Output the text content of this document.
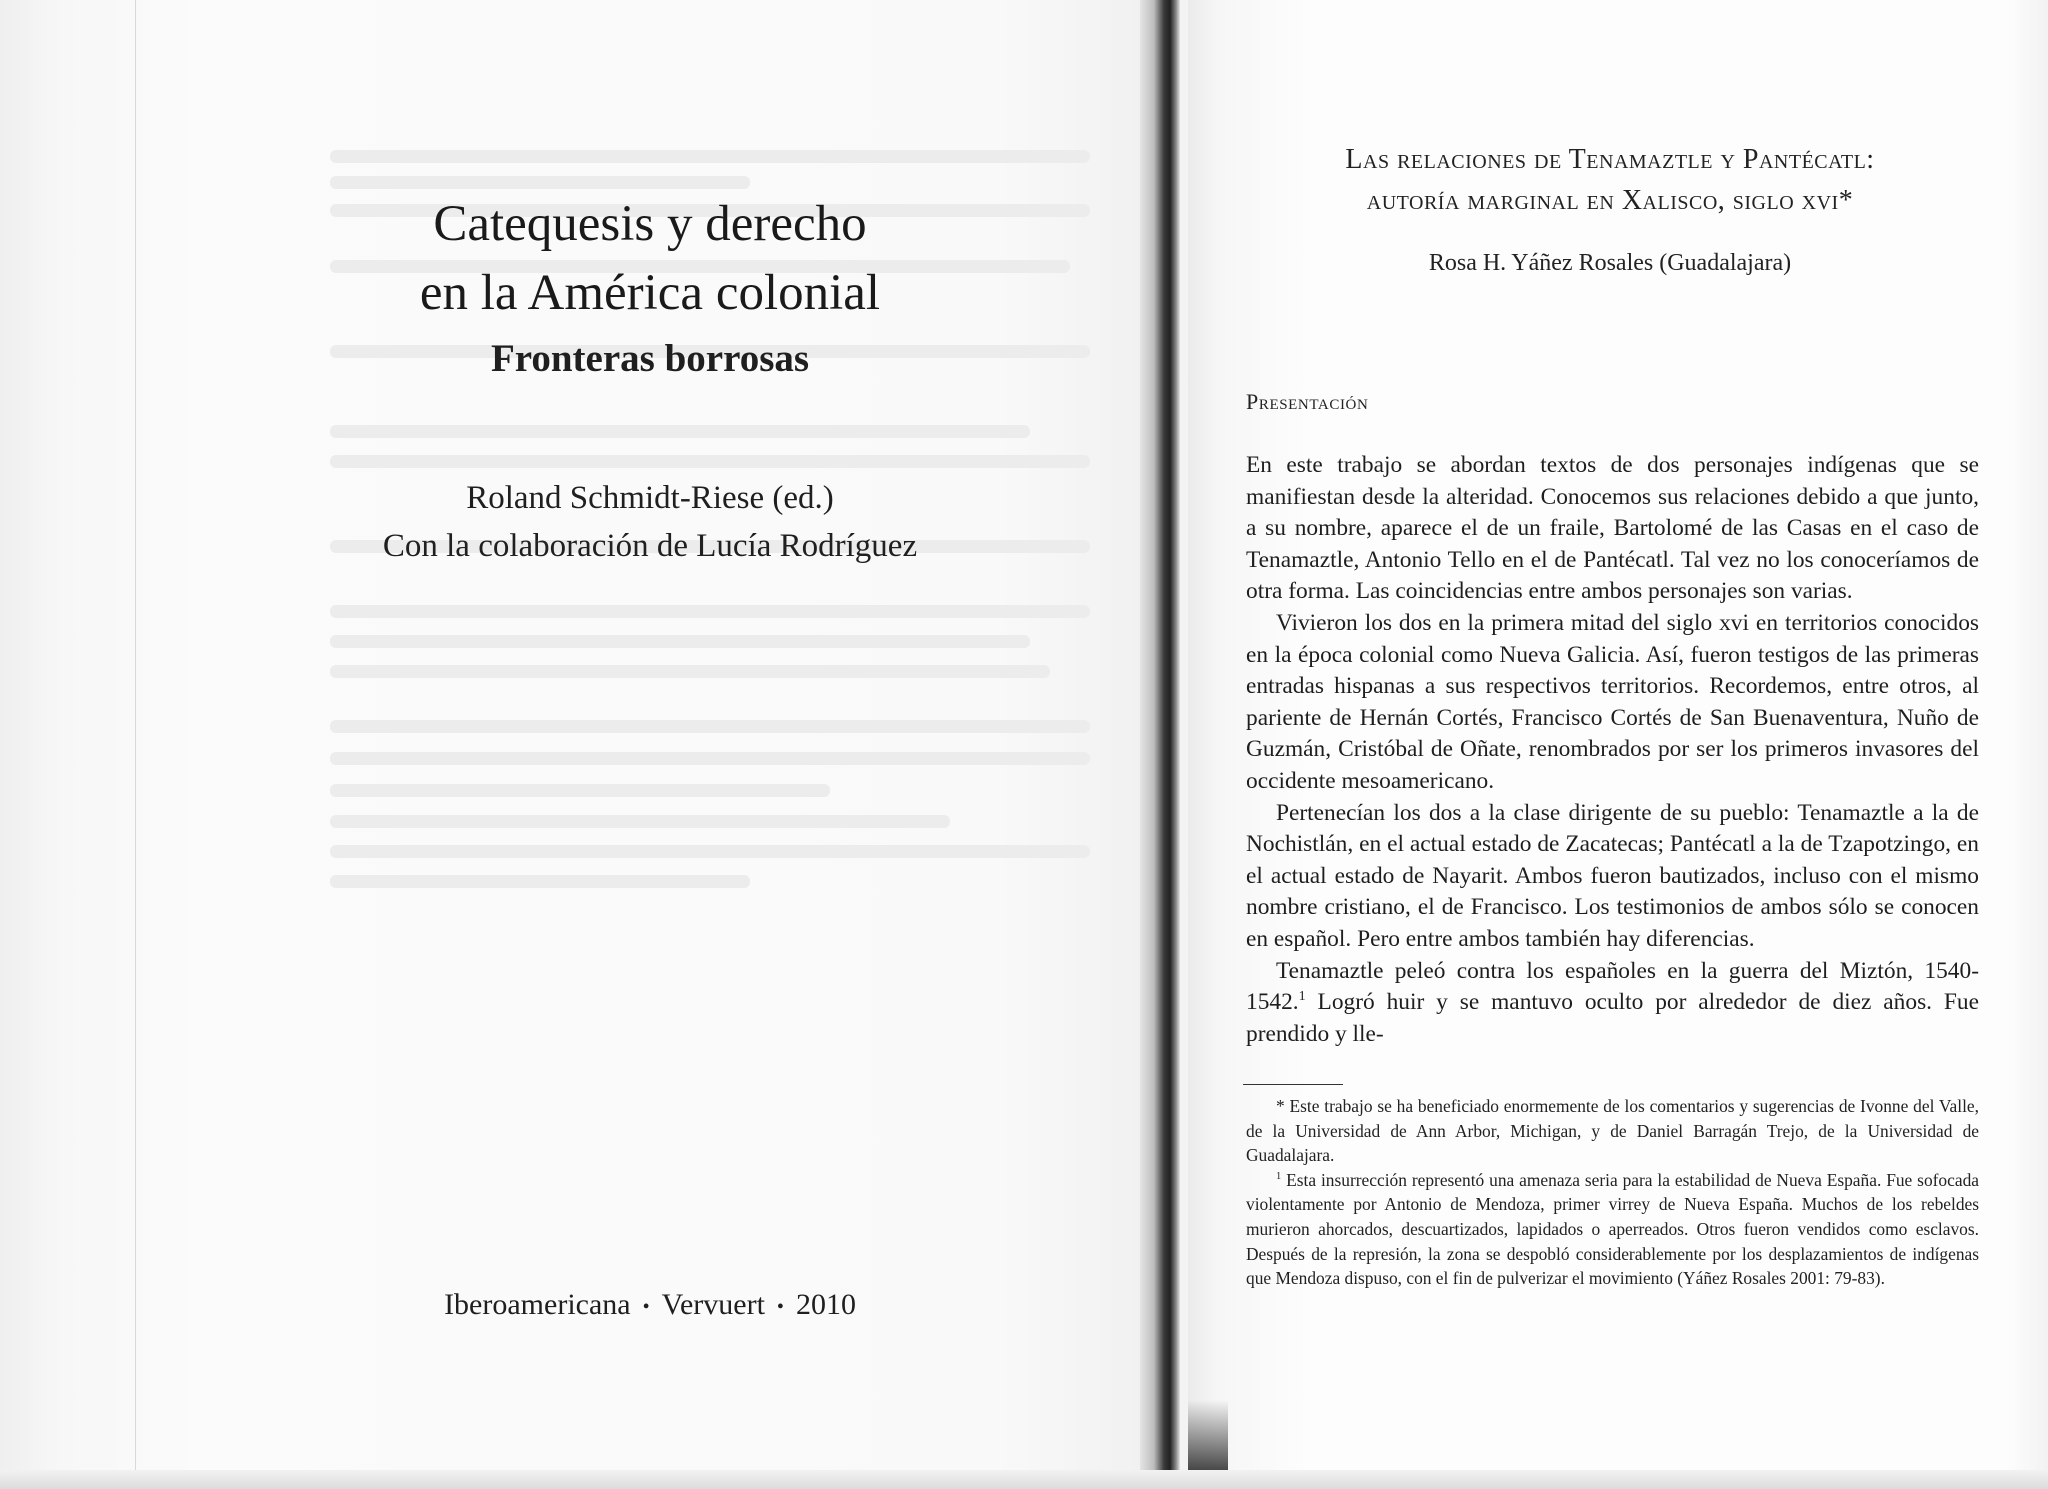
Catequesis y derecho
en la América colonial
Fronteras borrosas
Roland Schmidt-Riese (ed.)
Con la colaboración de Lucía Rodríguez
Iberoamericana • Vervuert • 2010
Las relaciones de Tenamaztle y Pantécatl:
autoría marginal en Xalisco, siglo xvi*
Rosa H. Yáñez Rosales (Guadalajara)
Presentación

En este trabajo se abordan textos de dos personajes indígenas que se manifiestan desde la alteridad. Conocemos sus relaciones debido a que junto, a su nombre, aparece el de un fraile, Bartolomé de las Casas en el caso de Tenamaztle, Antonio Tello en el de Pantécatl. Tal vez no los conoceríamos de otra forma. Las coincidencias entre ambos personajes son varias.

Vivieron los dos en la primera mitad del siglo xvi en territorios conocidos en la época colonial como Nueva Galicia. Así, fueron testigos de las primeras entradas hispanas a sus respectivos territorios. Recordemos, entre otros, al pariente de Hernán Cortés, Francisco Cortés de San Buenaventura, Nuño de Guzmán, Cristóbal de Oñate, renombrados por ser los primeros invasores del occidente mesoamericano.

Pertenecían los dos a la clase dirigente de su pueblo: Tenamaztle a la de Nochistlán, en el actual estado de Zacatecas; Pantécatl a la de Tzapotzingo, en el actual estado de Nayarit. Ambos fueron bautizados, incluso con el mismo nombre cristiano, el de Francisco. Los testimonios de ambos sólo se conocen en español. Pero entre ambos también hay diferencias.

Tenamaztle peleó contra los españoles en la guerra del Miztón, 1540-1542.$^1$ Logró huir y se mantuvo oculto por alrededor de diez años. Fue prendido y lle-

* Este trabajo se ha beneficiado enormemente de los comentarios y sugerencias de Ivonne del Valle, de la Universidad de Ann Arbor, Michigan, y de Daniel Barragán Trejo, de la Universidad de Guadalajara.

$^1$ Esta insurrección representó una amenaza seria para la estabilidad de Nueva España. Fue sofocada violentamente por Antonio de Mendoza, primer virrey de Nueva España. Muchos de los rebeldes murieron ahorcados, descuartizados, lapidados o aperreados. Otros fueron vendidos como esclavos. Después de la represión, la zona se despobló considerablemente por los desplazamientos de indígenas que Mendoza dispuso, con el fin de pulverizar el movimiento (Yáñez Rosales 2001: 79-83).
